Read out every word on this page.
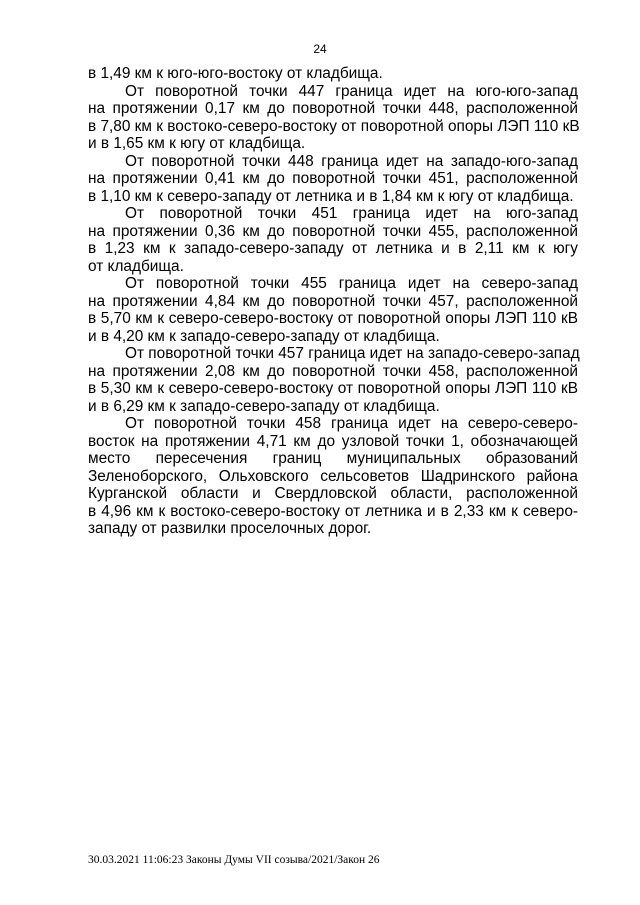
24
в 1,49 км к юго-юго-востоку от кладбища.
От поворотной точки 447 граница идет на юго-юго-запад
на протяжении 0,17 км до поворотной точки 448, расположенной
в 7,80 км к востоко-северо-востоку от поворотной опоры ЛЭП 110 кВ
и в 1,65 км к югу от кладбища.
От поворотной точки 448 граница идет на западо-юго-запад
на протяжении 0,41 км до поворотной точки 451, расположенной
в 1,10 км к северо-западу от летника и в 1,84 км к югу от кладбища.
От поворотной точки 451 граница идет на юго-запад
на протяжении 0,36 км до поворотной точки 455, расположенной
в 1,23 км к западо-северо-западу от летника и в 2,11 км к югу
от кладбища.
От поворотной точки 455 граница идет на северо-запад
на протяжении 4,84 км до поворотной точки 457, расположенной
в 5,70 км к северо-северо-востоку от поворотной опоры ЛЭП 110 кВ
и в 4,20 км к западо-северо-западу от кладбища.
От поворотной точки 457 граница идет на западо-северо-запад
на протяжении 2,08 км до поворотной точки 458, расположенной
в 5,30 км к северо-северо-востоку от поворотной опоры ЛЭП 110 кВ
и в 6,29 км к западо-северо-западу от кладбища.
От поворотной точки 458 граница идет на северо-северо-
восток на протяжении 4,71 км до узловой точки 1, обозначающей
место пересечения границ муниципальных образований
Зеленоборского, Ольховского сельсоветов Шадринского района
Курганской области и Свердловской области, расположенной
в 4,96 км к востоко-северо-востоку от летника и в 2,33 км к северо-
западу от развилки проселочных дорог.
30.03.2021 11:06:23 Законы Думы VII созыва/2021/Закон 26
